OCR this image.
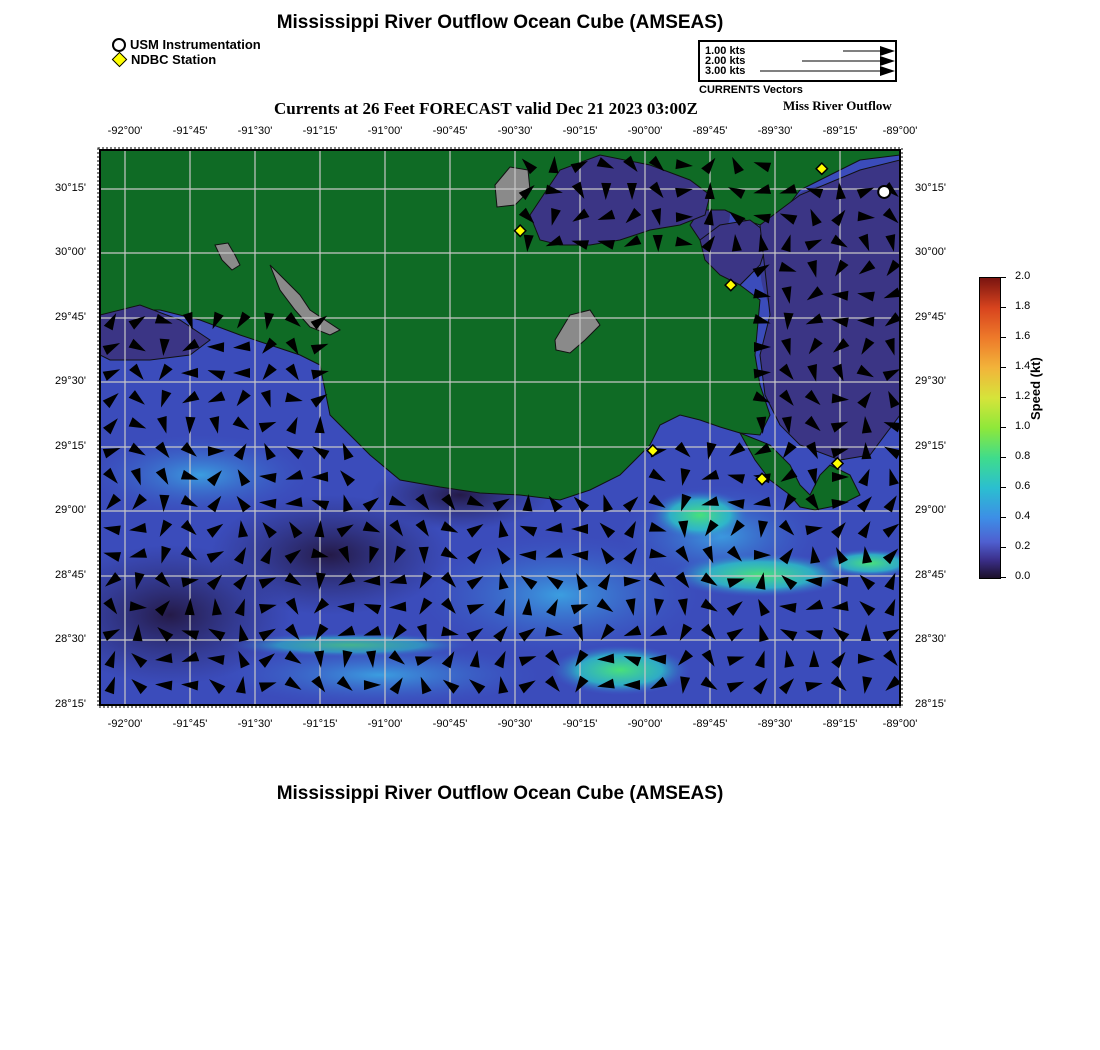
Mississippi River Outflow Ocean Cube (AMSEAS)
USM Instrumentation
NDBC Station
1.00 kts
2.00 kts
3.00 kts
CURRENTS Vectors
Currents at 26 Feet FORECAST valid Dec 21 2023 03:00Z	Miss River Outflow
-92°00'	-91°45'	-91°30'	-91°15'	-91°00'	-90°45'	-90°30'	-90°15'	-90°00'	-89°45'	-89°30'	-89°15'	-89°00'
-92°00'	-91°45'	-91°30'	-91°15'	-91°00'	-90°45'	-90°30'	-90°15'	-90°00'	-89°45'	-89°30'	-89°15'	-89°00'
30°15'
30°00'
29°45'
29°30'
29°15'
29°00'
28°45'
28°30'
28°15'
30°15'
30°00'
29°45'
29°30'
29°15'
29°00'
28°45'
28°30'
28°15'
2.0
1.8
1.6
1.4
1.2
1.0
0.8
0.6
0.4
0.2
0.0
Speed (kt)
Mississippi River Outflow Ocean Cube (AMSEAS)
